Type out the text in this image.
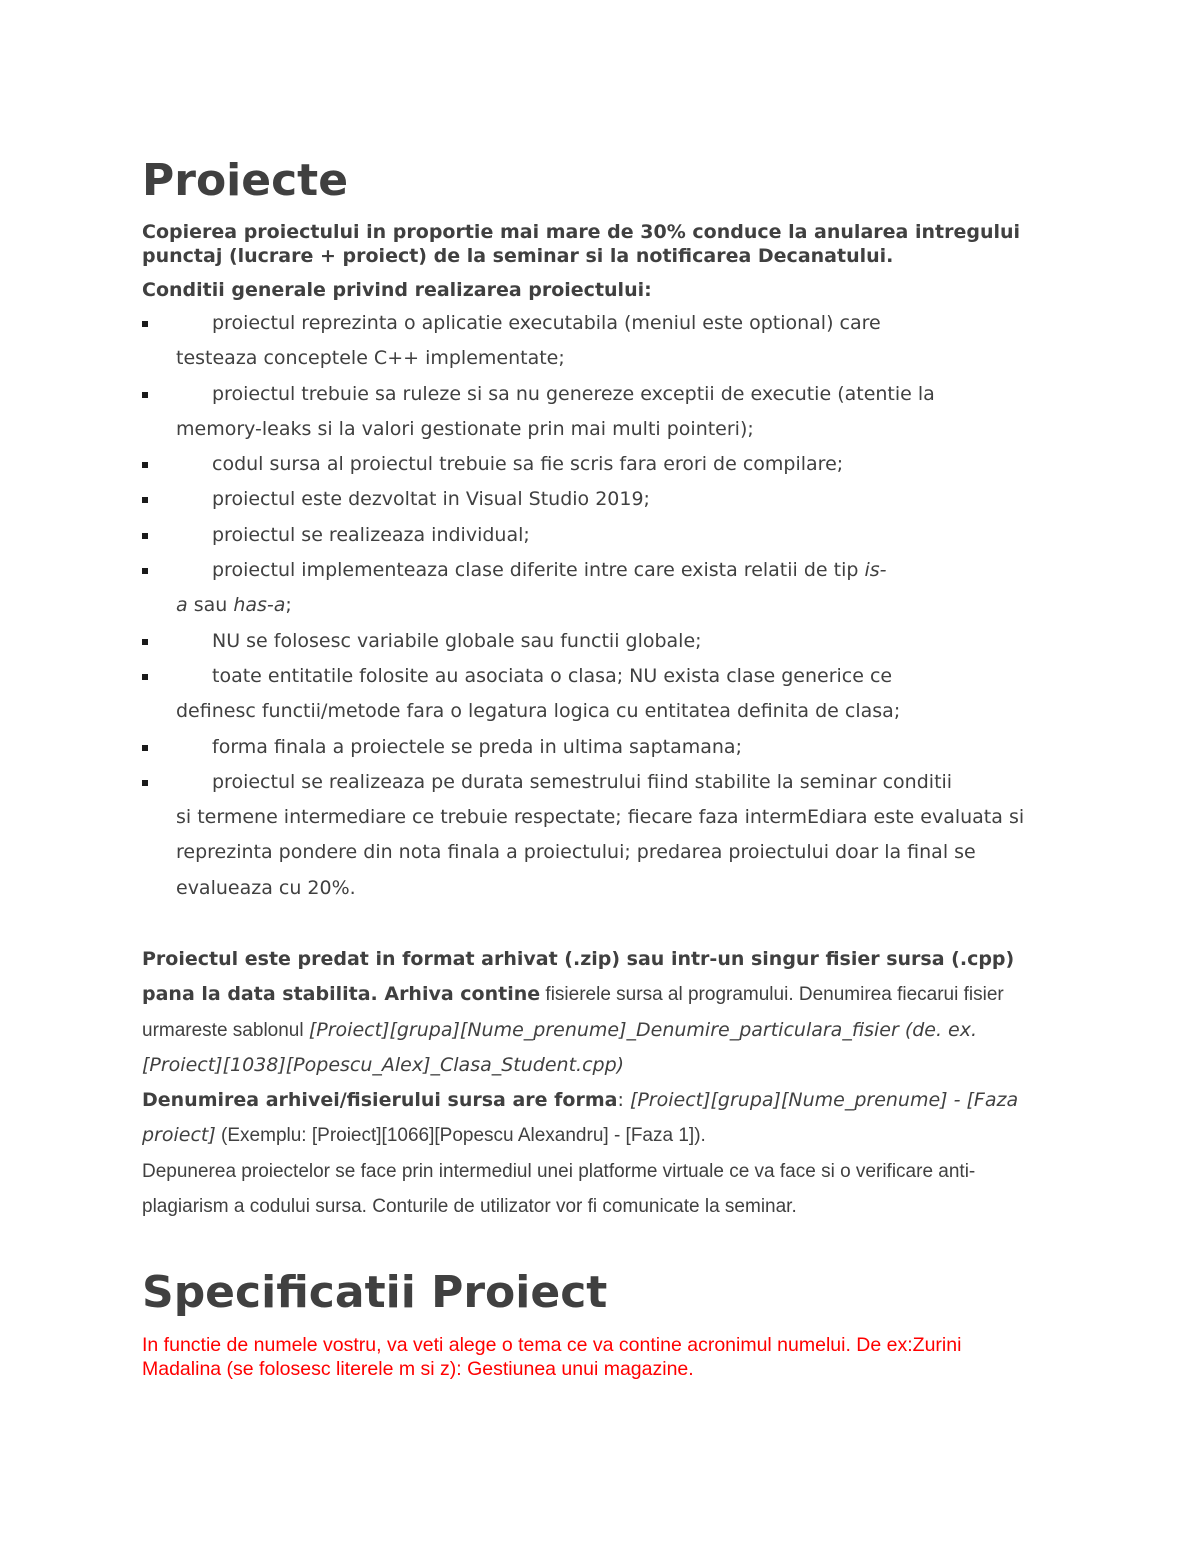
Proiecte

Copierea proiectului in proportie mai mare de 30% conduce la anularea intregului punctaj (lucrare + proiect) de la seminar si la notificarea Decanatului.

Conditii generale privind realizarea proiectului:

proiectul reprezinta o aplicatie executabila (meniul este optional) care
testeaza conceptele C++ implementate;
proiectul trebuie sa ruleze si sa nu genereze exceptii de executie (atentie la
memory-leaks si la valori gestionate prin mai multi pointeri);
codul sursa al proiectul trebuie sa fie scris fara erori de compilare;
proiectul este dezvoltat in Visual Studio 2019;
proiectul se realizeaza individual;
proiectul implementeaza clase diferite intre care exista relatii de tip is-
a sau has-a;
NU se folosesc variabile globale sau functii globale;
toate entitatile folosite au asociata o clasa; NU exista clase generice ce
definesc functii/metode fara o legatura logica cu entitatea definita de clasa;
forma finala a proiectele se preda in ultima saptamana;
proiectul se realizeaza pe durata semestrului fiind stabilite la seminar conditii
si termene intermediare ce trebuie respectate; fiecare faza intermEdiara este evaluata si reprezinta pondere din nota finala a proiectului; predarea proiectului doar la final se evalueaza cu 20%.

Proiectul este predat in format arhivat (.zip) sau intr-un singur fisier sursa (.cpp) pana la data stabilita. Arhiva contine fisierele sursa al programului. Denumirea fiecarui fisier urmareste sablonul [Proiect][grupa][Nume_prenume]_Denumire_particulara_fisier (de. ex. [Proiect][1038][Popescu_Alex]_Clasa_Student.cpp)

Denumirea arhivei/fisierului sursa are forma: [Proiect][grupa][Nume_prenume] - [Faza proiect] (Exemplu: [Proiect][1066][Popescu Alexandru] - [Faza 1]).

Depunerea proiectelor se face prin intermediul unei platforme virtuale ce va face si o verificare anti-plagiarism a codului sursa. Conturile de utilizator vor fi comunicate la seminar.

Specificatii Proiect

In functie de numele vostru, va veti alege o tema ce va contine acronimul numelui. De ex:Zurini Madalina (se folosesc literele m si z): Gestiunea unui magazine.
